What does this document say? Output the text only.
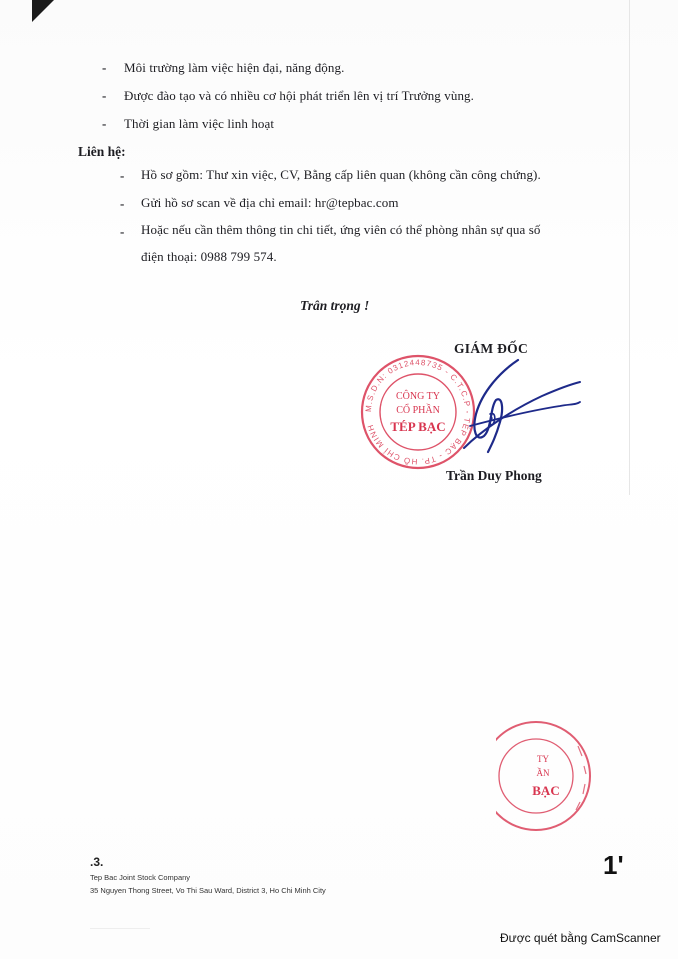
- Môi trường làm việc hiện đại, năng động.
- Được đào tạo và có nhiều cơ hội phát triển lên vị trí Trưởng vùng.
- Thời gian làm việc linh hoạt
Liên hệ:
- Hồ sơ gồm: Thư xin việc, CV, Bằng cấp liên quan (không cần công chứng).
- Gửi hồ sơ scan về địa chỉ email: hr@tepbac.com
- Hoặc nếu cần thêm thông tin chi tiết, ứng viên có thể phòng nhân sự qua số
điện thoại: 0988 799 574.
Trân trọng !
GIÁM ĐỐC
M.S.D.N: 0312448735 - C.T.C.P - TÉP BẠC - TP. HỒ CHÍ MINH
CÔNG TY
CỔ PHẦN
TÉP BẠC
Trần Duy Phong
TY
ẦN
BẠC
.3.
Tep Bac Joint Stock Company
35 Nguyen Thong Street, Vo Thi Sau Ward, District 3, Ho Chi Minh City
1'
Được quét bằng CamScanner
